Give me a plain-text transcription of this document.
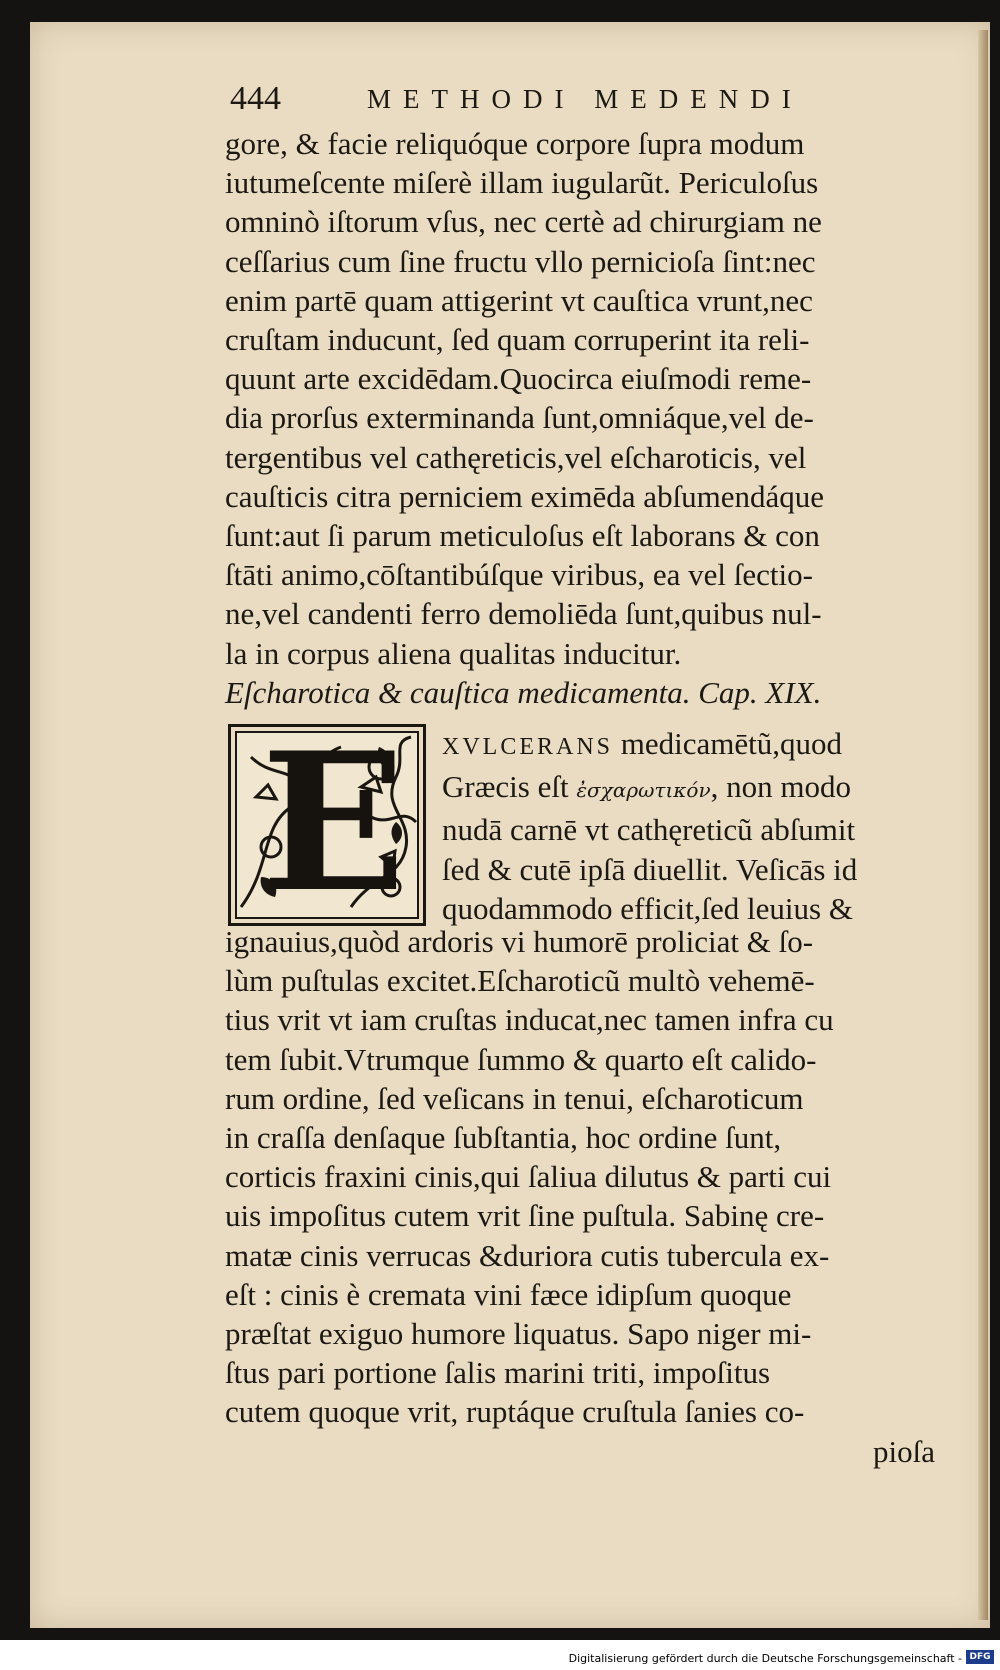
444	METHODI MEDENDI
gore, & facie reliquóque corpore ſupra modum
iutumeſcente miſerè illam iugularũt. Periculoſus
omninò iſtorum vſus, nec certè ad chirurgiam ne
ceſſarius cum ſine fructu vllo pernicioſa ſint:nec
enim partē quam attigerint vt cauſtica vrunt,nec
cruſtam inducunt, ſed quam corruperint ita reli-
quunt arte excidēdam.Quocirca eiuſmodi reme-
dia prorſus exterminanda ſunt,omniáque,vel de-
tergentibus vel cathęreticis,vel eſcharoticis, vel
cauſticis citra perniciem eximēda abſumendáque
ſunt:aut ſi parum meticuloſus eſt laborans & con
ſtāti animo,cōſtantibúſque viribus, ea vel ſectio-
ne,vel candenti ferro demoliēda ſunt,quibus nul-
la in corpus aliena qualitas inducitur.
Eſcharotica & cauſtica medicamenta. Cap. XIX.
E XVLCERANS medicamētũ,quod
Græcis eſt ἐσχαρωτικόν, non modo
nudā carnē vt cathęreticũ abſumit
ſed & cutē ipſā diuellit. Veſicās id
quodammodo efficit,ſed leuius &
ignauius,quòd ardoris vi humorē proliciat & ſo-
lùm puſtulas excitet.Eſcharoticũ multò vehemē-
tius vrit vt iam cruſtas inducat,nec tamen infra cu
tem ſubit.Vtrumque ſummo & quarto eſt calido-
rum ordine, ſed veſicans in tenui, eſcharoticum
in craſſa denſaque ſubſtantia, hoc ordine ſunt,
corticis fraxini cinis,qui ſaliua dilutus & parti cui
uis impoſitus cutem vrit ſine puſtula. Sabinę cre-
matæ cinis verrucas &duriora cutis tubercula ex-
eſt : cinis è cremata vini fæce idipſum quoque
præſtat exiguo humore liquatus. Sapo niger mi-
ſtus pari portione ſalis marini triti, impoſitus
cutem quoque vrit, ruptáque cruſtula ſanies co-
pioſa
Digitalisierung gefördert durch die Deutsche Forschungsgemeinschaft - DFG
